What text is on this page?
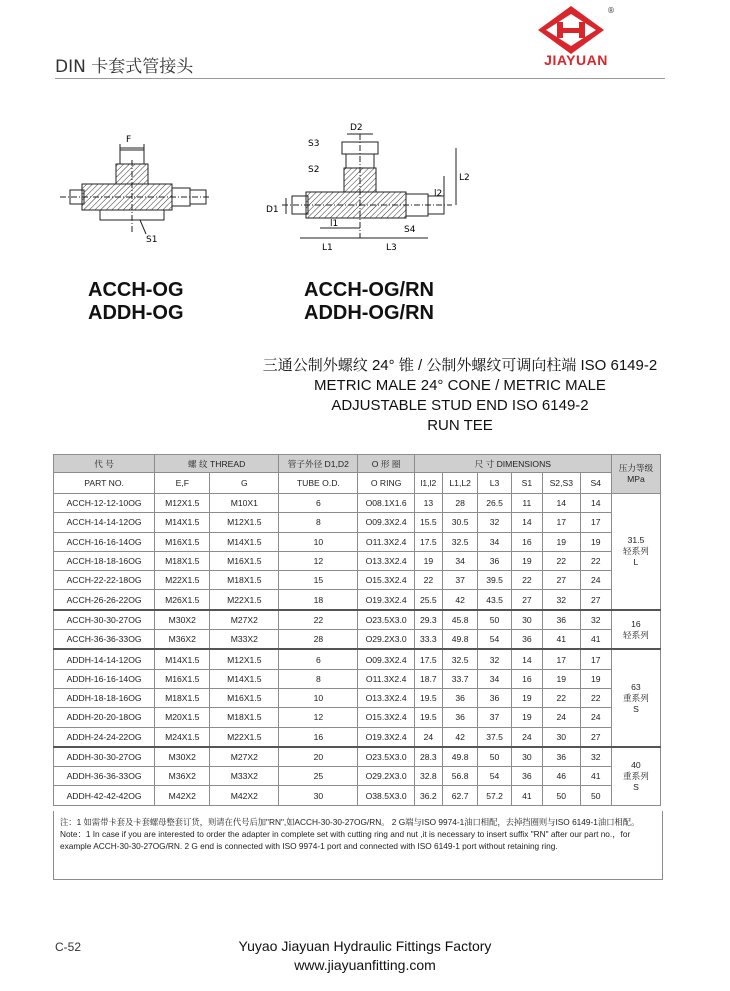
DIN 卡套式管接头
®
JIAYUAN
F
S1
D2
S3
S2
D1
l2
L2
l1
L1	L3
S4
ACCH-OG
ADDH-OG
ACCH-OG/RN
ADDH-OG/RN
三通公制外螺纹 24° 锥 / 公制外螺纹可调向柱端 ISO 6149-2
METRIC MALE 24° CONE / METRIC MALE
ADJUSTABLE STUD END ISO 6149-2
RUN TEE
代 号	螺 纹 THREAD		管子外径 D1,D2	O 形 圈	尺 寸 DIMENSIONS						压力等级 MPa
PART NO.	E,F	G	TUBE O.D.	O RING	l1,l2	L1,L2	L3	S1	S2,S3	S4	
ACCH-12-12-10OG	M12X1.5	M10X1	6	O08.1X1.6	13	28	26.5	11	14	14	31.5
轻系列
L

ACCH-14-14-12OG	M14X1.5	M12X1.5	8	O09.3X2.4	15.5	30.5	32	14	17	17	
ACCH-16-16-14OG	M16X1.5	M14X1.5	10	O11.3X2.4	17.5	32.5	34	16	19	19	
ACCH-18-18-16OG	M18X1.5	M16X1.5	12	O13.3X2.4	19	34	36	19	22	22	
ACCH-22-22-18OG	M22X1.5	M18X1.5	15	O15.3X2.4	22	37	39.5	22	27	24	
ACCH-26-26-22OG	M26X1.5	M22X1.5	18	O19.3X2.4	25.5	42	43.5	27	32	27	
ACCH-30-30-27OG	M30X2	M27X2	22	O23.5X3.0	29.3	45.8	50	30	36	32	16
轻系列

ACCH-36-36-33OG	M36X2	M33X2	28	O29.2X3.0	33.3	49.8	54	36	41	41	
ADDH-14-14-12OG	M14X1.5	M12X1.5	6	O09.3X2.4	17.5	32.5	32	14	17	17	63
重系列
S

ADDH-16-16-14OG	M16X1.5	M14X1.5	8	O11.3X2.4	18.7	33.7	34	16	19	19	
ADDH-18-18-16OG	M18X1.5	M16X1.5	10	O13.3X2.4	19.5	36	36	19	22	22	
ADDH-20-20-18OG	M20X1.5	M18X1.5	12	O15.3X2.4	19.5	36	37	19	24	24	
ADDH-24-24-22OG	M24X1.5	M22X1.5	16	O19.3X2.4	24	42	37.5	24	30	27	
ADDH-30-30-27OG	M30X2	M27X2	20	O23.5X3.0	28.3	49.8	50	30	36	32	40
重系列
S

ADDH-36-36-33OG	M36X2	M33X2	25	O29.2X3.0	32.8	56.8	54	36	46	41	
ADDH-42-42-42OG	M42X2	M42X2	30	O38.5X3.0	36.2	62.7	57.2	41	50	50	
注：1 如需带卡套及卡套螺母整套订货，则请在代号后加"RN",如ACCH-30-30-27OG/RN。 2 G端与ISO 9974-1油口相配，去掉挡圈则与ISO 6149-1油口相配。
Note：1 In case if you are interested to order the adapter in complete set with cutting ring and nut ,it is necessary to insert suffix "RN" after our part no.，for example ACCH-30-30-27OG/RN. 2 G end is connected with ISO 9974-1 port and connected with ISO 6149-1 port without retaining ring.
C-52	Yuyao Jiayuan Hydraulic Fittings Factory
www.jiayuanfitting.com
